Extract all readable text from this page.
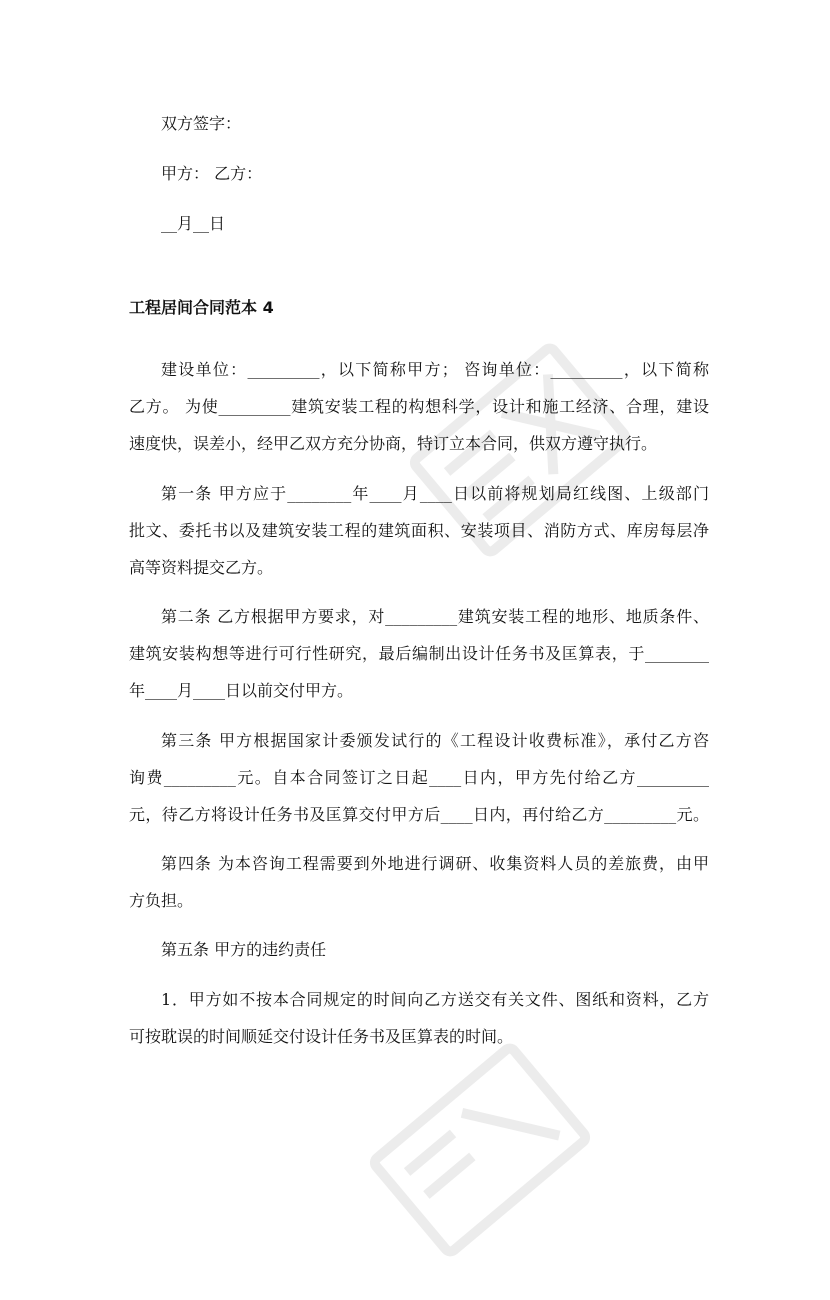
双方签字：
甲方： 乙方：
__月__日
工程居间合同范本 4
建设单位：_________，以下简称甲方； 咨询单位：_________，以下简称
乙方。 为使_________建筑安装工程的构想科学，设计和施工经济、合理，建设
速度快，误差小，经甲乙双方充分协商，特订立本合同，供双方遵守执行。
第一条 甲方应于________年____月____日以前将规划局红线图、上级部门
批文、委托书以及建筑安装工程的建筑面积、安装项目、消防方式、库房每层净
高等资料提交乙方。
第二条 乙方根据甲方要求，对_________建筑安装工程的地形、地质条件、
建筑安装构想等进行可行性研究，最后编制出设计任务书及匡算表，于________
年____月____日以前交付甲方。
第三条 甲方根据国家计委颁发试行的《工程设计收费标准》，承付乙方咨
询费_________元。自本合同签订之日起____日内，甲方先付给乙方_________
元，待乙方将设计任务书及匡算交付甲方后____日内，再付给乙方_________元。
第四条 为本咨询工程需要到外地进行调研、收集资料人员的差旅费，由甲
方负担。
第五条 甲方的违约责任
1．甲方如不按本合同规定的时间向乙方送交有关文件、图纸和资料，乙方
可按耽误的时间顺延交付设计任务书及匡算表的时间。
